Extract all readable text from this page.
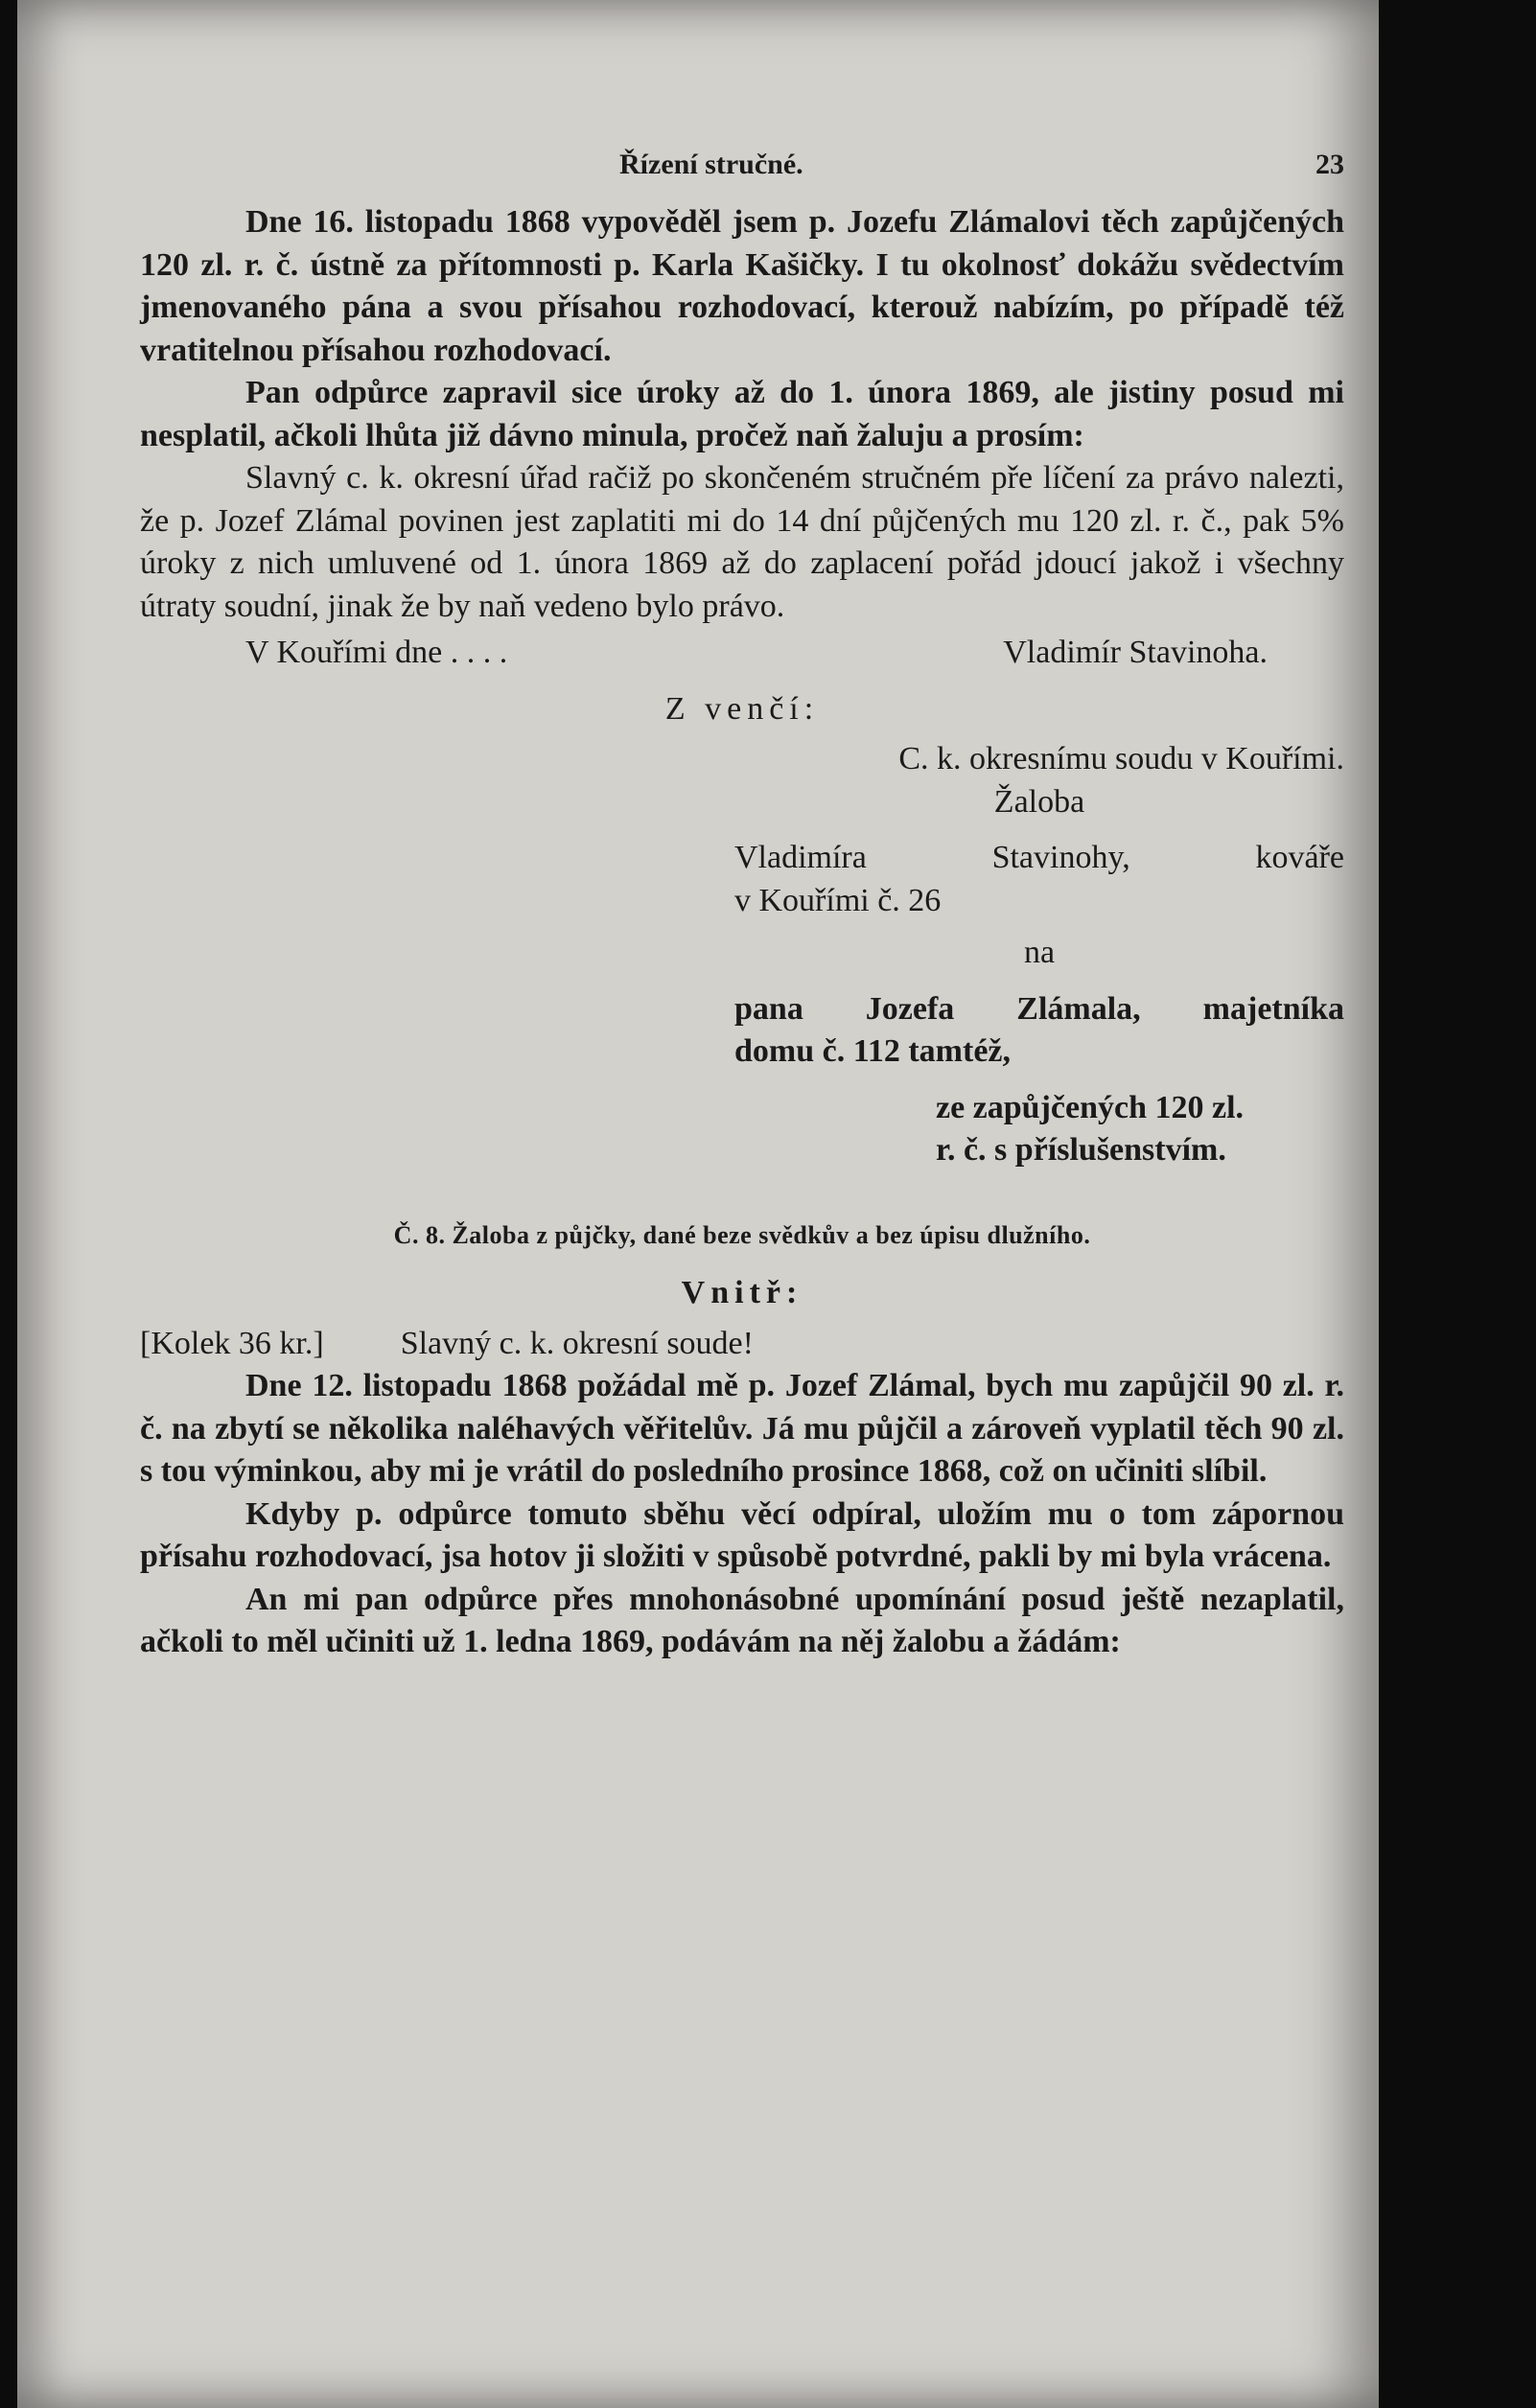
Řízení stručné.	23

Dne 16. listopadu 1868 vypověděl jsem p. Jozefu Zlámalovi těch zapůjčených 120 zl. r. č. ústně za přítomnosti p. Karla Kašičky. I tu okolnosť dokážu svědectvím jmenovaného pána a svou přísahou rozhodovací, kterouž nabízím, po případě též vratitelnou přísahou rozhodovací.

Pan odpůrce zapravil sice úroky až do 1. února 1869, ale jistiny posud mi nesplatil, ačkoli lhůta již dávno minula, pročež naň žaluju a prosím:

Slavný c. k. okresní úřad račiž po skončeném stručném pře líčení za právo nalezti, že p. Jozef Zlámal povinen jest zaplatiti mi do 14 dní půjčených mu 120 zl. r. č., pak 5% úroky z nich umluvené od 1. února 1869 až do zaplacení pořád jdoucí jakož i všechny útraty soudní, jinak že by naň vedeno bylo právo.

V Kouřími dne . . . .	Vladimír Stavinoha.
Z venčí:
C. k. okresnímu soudu v Kouřími.
Žaloba
Vladimíra Stavinohy, kováře
v Kouřími č. 26
na
pana Jozefa Zlámala, majetníka
domu č. 112 tamtéž,
ze zapůjčených 120 zl.
r. č. s příslušenstvím.
Č. 8. Žaloba z půjčky, dané beze svědkův a bez úpisu dlužního.
Vnitř:
[Kolek 36 kr.] Slavný c. k. okresní soude!

Dne 12. listopadu 1868 požádal mě p. Jozef Zlámal, bych mu zapůjčil 90 zl. r. č. na zbytí se několika naléhavých věřitelův. Já mu půjčil a zároveň vyplatil těch 90 zl. s tou výminkou, aby mi je vrátil do posledního prosince 1868, což on učiniti slíbil.

Kdyby p. odpůrce tomuto sběhu věcí odpíral, uložím mu o tom zápornou přísahu rozhodovací, jsa hotov ji složiti v spůsobě potvrdné, pakli by mi byla vrácena.

An mi pan odpůrce přes mnohonásobné upomínání posud ještě nezaplatil, ačkoli to měl učiniti už 1. ledna 1869, podávám na něj žalobu a žádám:
